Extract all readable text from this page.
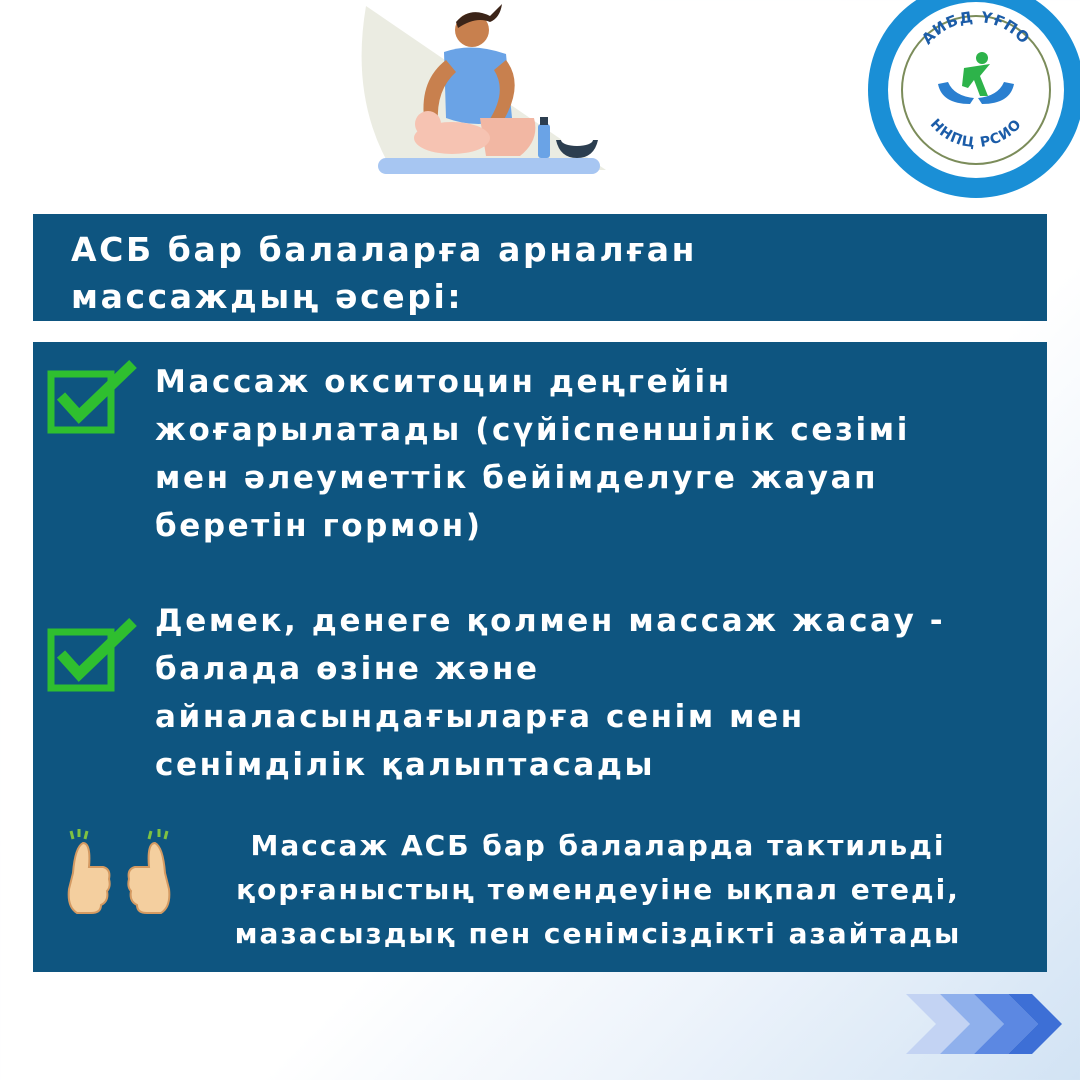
АИБД ҮҒПО
ННПЦ РСИО
АСБ бар балаларға арналған
массаждың әсері:

Массаж окситоцин деңгейін
жоғарылатады (сүйіспеншілік сезімі
мен әлеуметтік бейімделуге жауап
беретін гормон)

Демек, денеге қолмен массаж жасау -
балада өзіне және
айналасындағыларға сенім мен
сенімділік қалыптасады

Массаж АСБ бар балаларда тактильді
қорғаныстың төмендеуіне ықпал етеді,
мазасыздық пен сенімсіздікті азайтады
